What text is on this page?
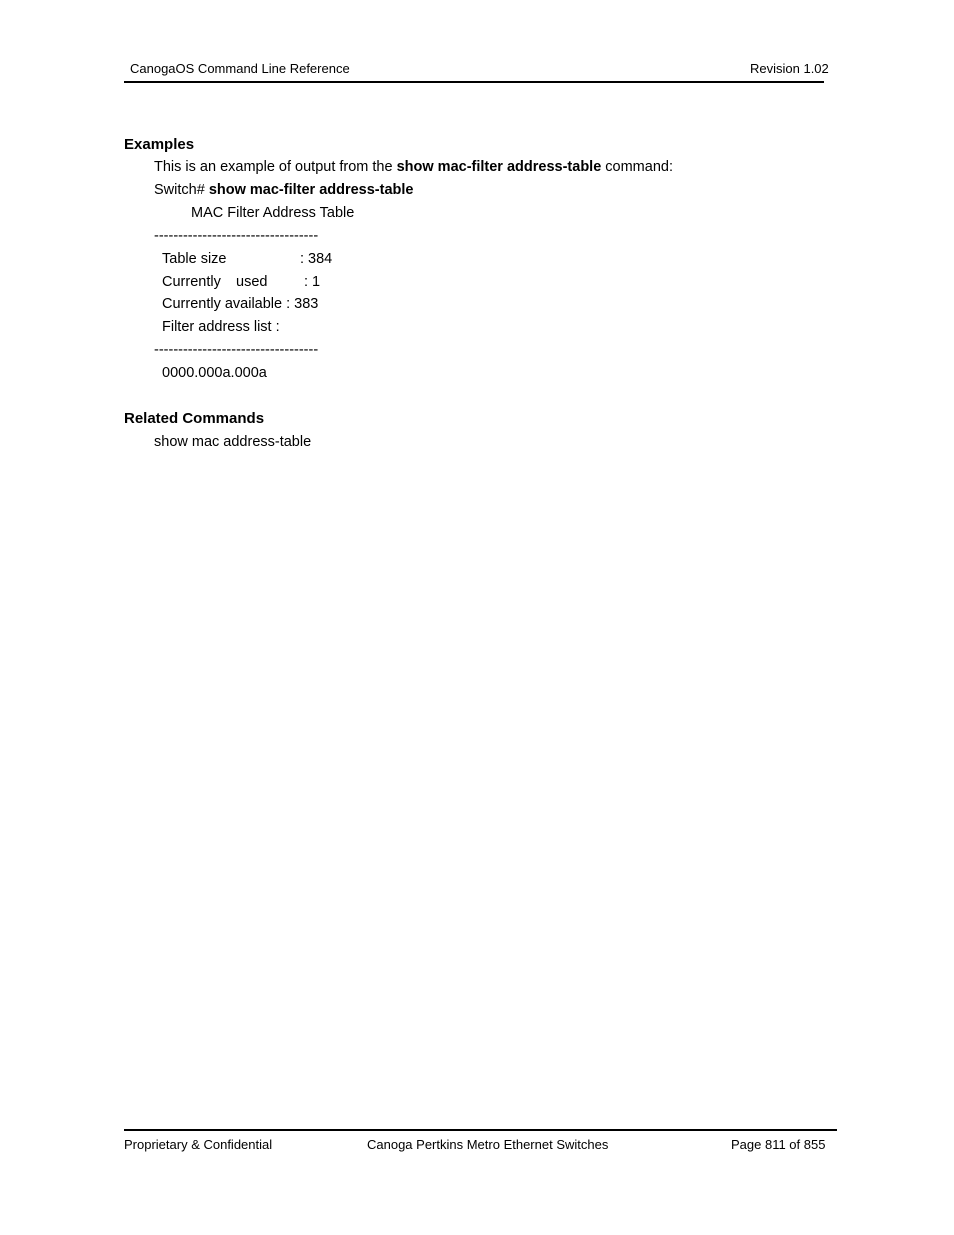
CanogaOS Command Line Reference	Revision 1.02
Examples
This is an example of output from the show mac-filter address-table command:
Switch# show mac-filter address-table
MAC Filter Address Table
----------------------------------
Table size	: 384
Currently used	: 1
Currently available : 383
Filter address list :
----------------------------------
0000.000a.000a
Related Commands
show mac address-table
Proprietary & Confidential	Canoga Pertkins Metro Ethernet Switches	Page 811 of 855
